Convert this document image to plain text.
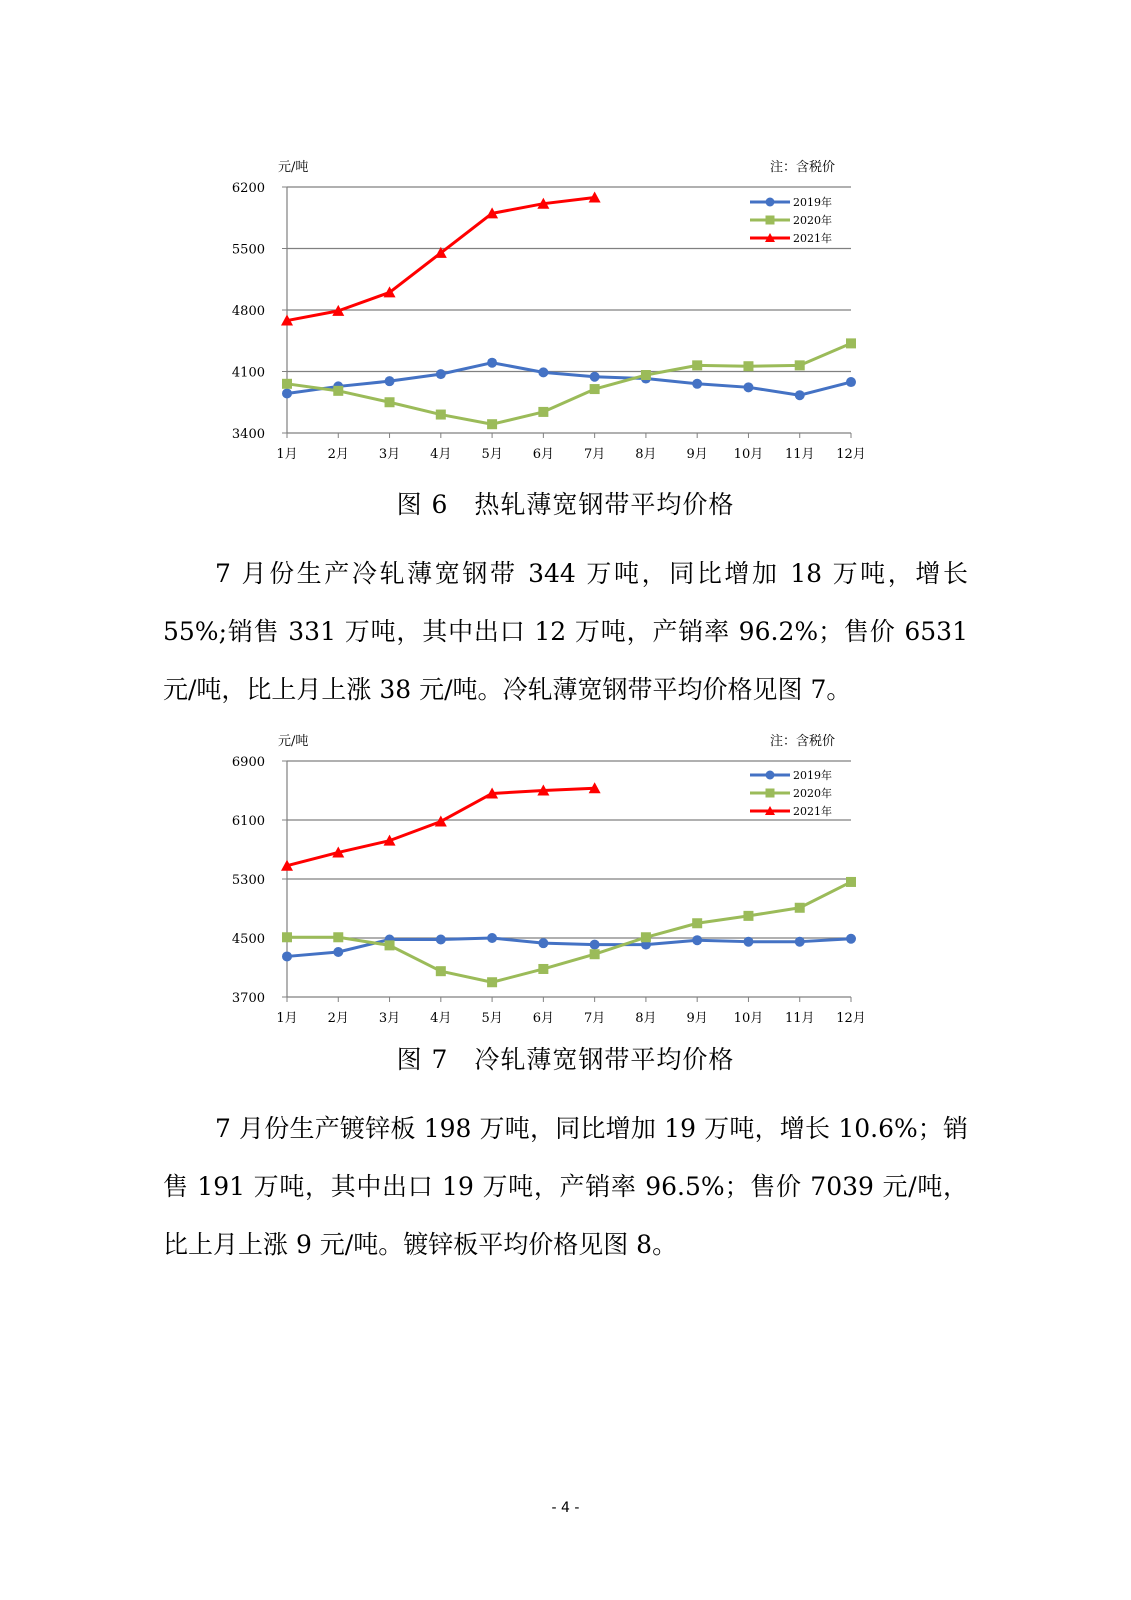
元/吨	注：含税价
3400
4100
4800
5500
6200
1月 2月 3月 4月 5月 6月 7月 8月 9月 10月 11月 12月
2019年
2020年
2021年
图 6　热轧薄宽钢带平均价格

7 月份生产冷轧薄宽钢带 344 万吨，同比增加 18 万吨，增长 55%;销售 331 万吨，其中出口 12 万吨，产销率 96.2%；售价 6531 元/吨，比上月上涨 38 元/吨。冷轧薄宽钢带平均价格见图 7。

元/吨	注：含税价
3700
4500
5300
6100
6900
1月 2月 3月 4月 5月 6月 7月 8月 9月 10月 11月 12月
2019年
2020年
2021年
图 7　冷轧薄宽钢带平均价格

7 月份生产镀锌板 198 万吨，同比增加 19 万吨，增长 10.6%；销售 191 万吨，其中出口 19 万吨，产销率 96.5%；售价 7039 元/吨，比上月上涨 9 元/吨。镀锌板平均价格见图 8。

- 4 -
